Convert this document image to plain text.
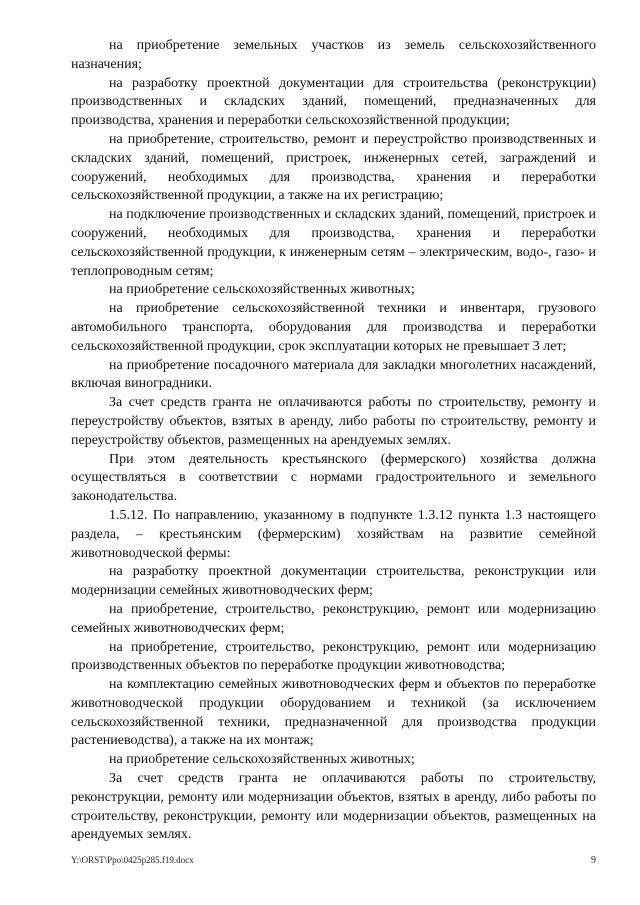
на приобретение земельных участков из земель сельскохозяйственного назначения;

на разработку проектной документации для строительства (реконструкции) производственных и складских зданий, помещений, предназначенных для производства, хранения и переработки сельскохозяйственной продукции;

на приобретение, строительство, ремонт и переустройство производственных и складских зданий, помещений, пристроек, инженерных сетей, заграждений и сооружений, необходимых для производства, хранения и переработки сельскохозяйственной продукции, а также на их регистрацию;

на подключение производственных и складских зданий, помещений, пристроек и сооружений, необходимых для производства, хранения и переработки сельскохозяйственной продукции, к инженерным сетям – электрическим, водо-, газо- и теплопроводным сетям;

на приобретение сельскохозяйственных животных;

на приобретение сельскохозяйственной техники и инвентаря, грузового автомобильного транспорта, оборудования для производства и переработки сельскохозяйственной продукции, срок эксплуатации которых не превышает 3 лет;

на приобретение посадочного материала для закладки многолетних насаждений, включая виноградники.

За счет средств гранта не оплачиваются работы по строительству, ремонту и переустройству объектов, взятых в аренду, либо работы по строительству, ремонту и переустройству объектов, размещенных на арендуемых землях.

При этом деятельность крестьянского (фермерского) хозяйства должна осуществляться в соответствии с нормами градостроительного и земельного законодательства.

1.5.12. По направлению, указанному в подпункте 1.3.12 пункта 1.3 настоящего раздела, – крестьянским (фермерским) хозяйствам на развитие семейной животноводческой фермы:

на разработку проектной документации строительства, реконструкции или модернизации семейных животноводческих ферм;

на приобретение, строительство, реконструкцию, ремонт или модернизацию семейных животноводческих ферм;

на приобретение, строительство, реконструкцию, ремонт или модернизацию производственных объектов по переработке продукции животноводства;

на комплектацию семейных животноводческих ферм и объектов по переработке животноводческой продукции оборудованием и техникой (за исключением сельскохозяйственной техники, предназначенной для производства продукции растениеводства), а также на их монтаж;

на приобретение сельскохозяйственных животных;

За счет средств гранта не оплачиваются работы по строительству, реконструкции, ремонту или модернизации объектов, взятых в аренду, либо работы по строительству, реконструкции, ремонту или модернизации объектов, размещенных на арендуемых землях.

Y:\ORST\Ppo\0425p285.f19.docx	9
